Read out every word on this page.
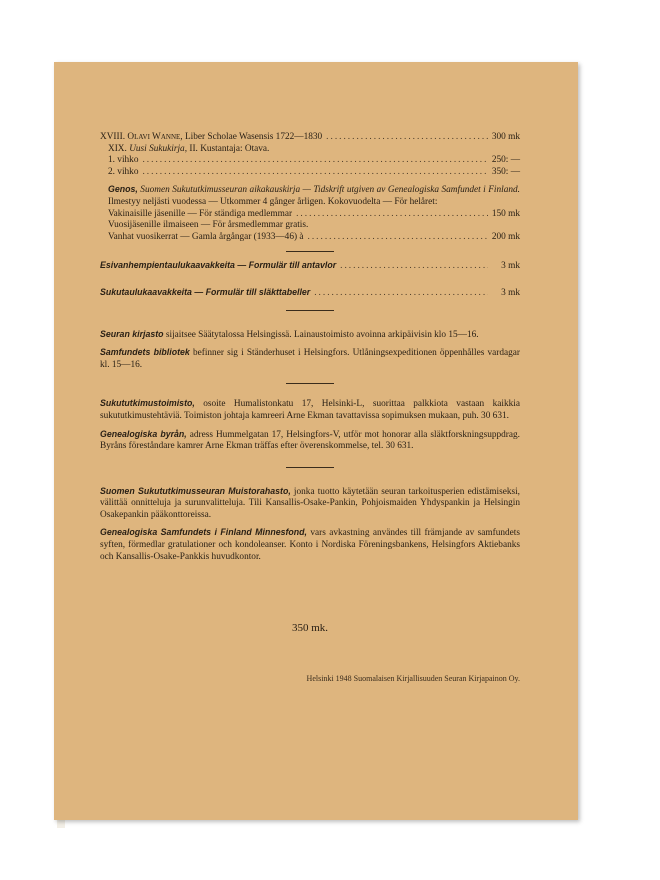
XVIII. Olavi Wanne, Liber Scholae Wasensis 1722—1830 .....	300 mk
XIX. Uusi Sukukirja, II. Kustantaja: Otava.
1. vihko .....	250: —
2. vihko .....	350: —
Genos, Suomen Sukututkimusseuran aikakauskirja — Tidskrift utgiven av Genealogiska Samfundet i Finland. Ilmestyy neljästi vuodessa — Utkommer 4 gånger årligen. Kokovuodelta — För helåret:
Vakinaisille jäsenille — För ständiga medlemmar .....	150 mk
Vuosijäsenille ilmaiseen — För årsmedlemmar gratis.
Vanhat vuosikerrat — Gamla årgångar (1933—46) à .....	200 mk
Esivanhempientaulukaavakkeita — Formulär till antavlor .....	3 mk
Sukutaulukaavakkeita — Formulär till släkttabeller .....	3 mk
Seuran kirjasto sijaitsee Säätytalossa Helsingissä. Lainaustoimisto avoinna arkipäivisin klo 15—16.
Samfundets bibliotek befinner sig i Ständerhuset i Helsingfors. Utlåningsexpeditionen öppenhålles vardagar kl. 15—16.
Sukututkimustoimisto, osoite Humalistonkatu 17, Helsinki-L, suorittaa palkkiota vastaan kaikkia sukututkimustehtäviä. Toimiston johtaja kamreeri Arne Ekman tavattavissa sopimuksen mukaan, puh. 30 631.
Genealogiska byrån, adress Hummelgatan 17, Helsingfors-V, utför mot honorar alla släktforskningsuppdrag. Byråns föreståndare kamrer Arne Ekman träffas efter överenskommelse, tel. 30 631.
Suomen Sukututkimusseuran Muistorahasto, jonka tuotto käytetään seuran tarkoitusperien edistämiseksi, välittää onnitteluja ja surunvalitteluja. Tili Kansallis-Osake-Pankin, Pohjoismaiden Yhdyspankin ja Helsingin Osakepankin pääkonttoreissa.
Genealogiska Samfundets i Finland Minnesfond, vars avkastning användes till främjande av samfundets syften, förmedlar gratulationer och kondoleanser. Konto i Nordiska Föreningsbankens, Helsingfors Aktiebanks och Kansallis-Osake-Pankkis huvudkontor.
350 mk.
Helsinki 1948 Suomalaisen Kirjallisuuden Seuran Kirjapainon Oy.
